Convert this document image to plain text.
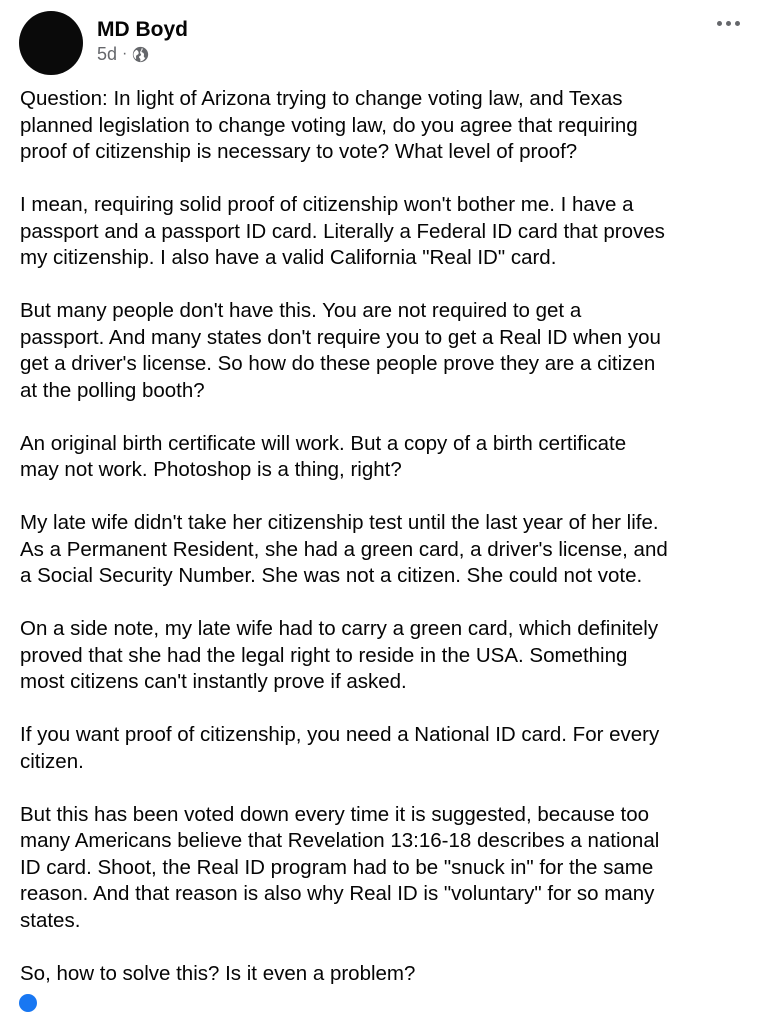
MD Boyd
5d ·

Question: In light of Arizona trying to change voting law, and Texas
planned legislation to change voting law, do you agree that requiring
proof of citizenship is necessary to vote? What level of proof?

I mean, requiring solid proof of citizenship won't bother me. I have a
passport and a passport ID card. Literally a Federal ID card that proves
my citizenship. I also have a valid California "Real ID" card.

But many people don't have this. You are not required to get a
passport. And many states don't require you to get a Real ID when you
get a driver's license. So how do these people prove they are a citizen
at the polling booth?

An original birth certificate will work. But a copy of a birth certificate
may not work. Photoshop is a thing, right?

My late wife didn't take her citizenship test until the last year of her life.
As a Permanent Resident, she had a green card, a driver's license, and
a Social Security Number. She was not a citizen. She could not vote.

On a side note, my late wife had to carry a green card, which definitely
proved that she had the legal right to reside in the USA. Something
most citizens can't instantly prove if asked.

If you want proof of citizenship, you need a National ID card. For every
citizen.

But this has been voted down every time it is suggested, because too
many Americans believe that Revelation 13:16-18 describes a national
ID card. Shoot, the Real ID program had to be "snuck in" for the same
reason. And that reason is also why Real ID is "voluntary" for so many
states.

So, how to solve this? Is it even a problem?
